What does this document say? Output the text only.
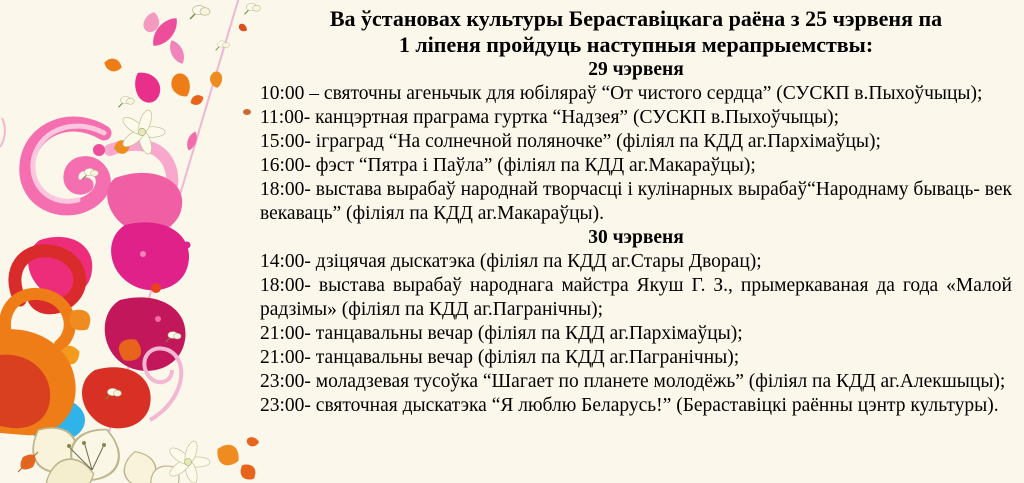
Ва ўстановах культуры Бераставіцкага раёна з 25 чэрвеня па
1 ліпеня пройдуць наступныя мерапрыемствы:
29 чэрвеня

10:00 – святочны агеньчык для юбіляраў “От чистого сердца” (СУСКП в.Пыхоўчыцы);

11:00- канцэртная праграма гуртка “Надзея” (СУСКП в.Пыхоўчыцы);

15:00- іграград “На солнечной поляночке” (філіял па КДД аг.Пархімаўцы);

16:00- фэст “Пятра і Паўла” (філіял па КДД аг.Макараўцы);

18:00- выстава вырабаў народнай творчасці і кулінарных вырабаў“Народнаму бываць- век векаваць” (філіял па КДД аг.Макараўцы).

30 чэрвеня

14:00- дзіцячая дыскатэка (філіял па КДД аг.Стары Дворац);

18:00- выстава вырабаў народнага майстра Якуш Г. З., прымеркаваная да года «Малой радзімы» (філіял па КДД аг.Пагранічны);

21:00- танцавальны вечар (філіял па КДД аг.Пархімаўцы);

21:00- танцавальны вечар (філіял па КДД аг.Пагранічны);

23:00- моладзевая тусоўка “Шагает по планете молодёжь” (філіял па КДД аг.Алекшыцы);

23:00- святочная дыскатэка “Я люблю Беларусь!” (Бераставіцкі раённы цэнтр культуры).
